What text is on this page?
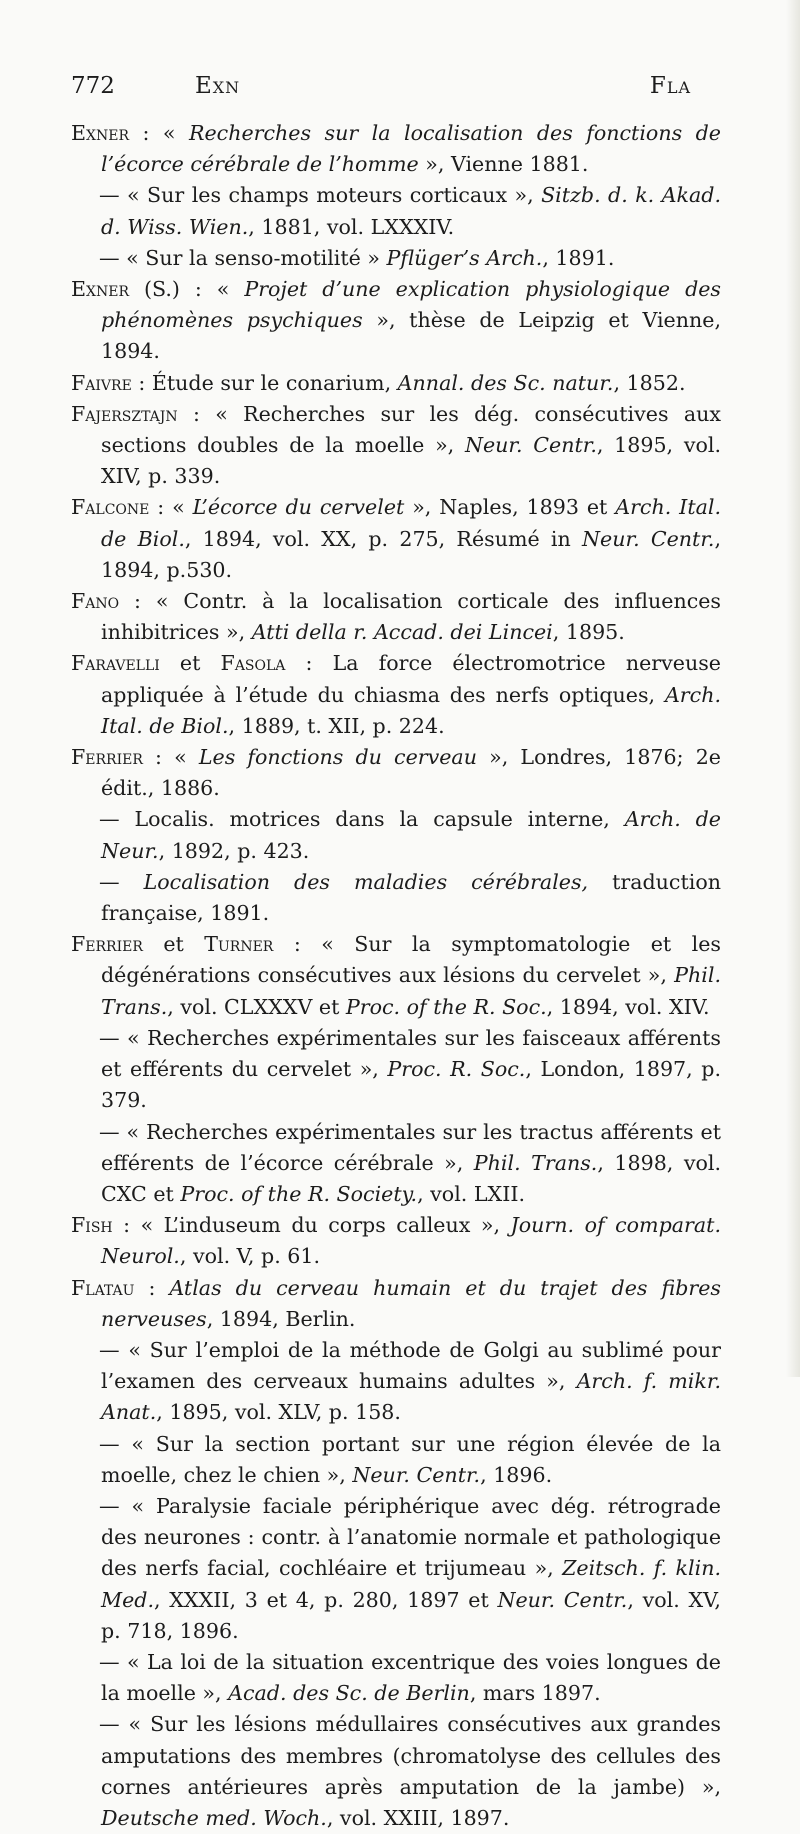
772	Exn	Fla
Exner : « Recherches sur la localisation des fonctions de l’écorce cérébrale de l’homme », Vienne 1881.
— « Sur les champs moteurs corticaux », Sitzb. d. k. Akad. d. Wiss. Wien., 1881, vol. LXXXIV.
— « Sur la senso-motilité » Pflüger’s Arch., 1891.
Exner (S.) : « Projet d’une explication physiologique des phénomènes psychiques », thèse de Leipzig et Vienne, 1894.
Faivre : Étude sur le conarium, Annal. des Sc. natur., 1852.
Fajersztajn : « Recherches sur les dég. consécutives aux sections doubles de la moelle », Neur. Centr., 1895, vol. XIV, p. 339.
Falcone : « L’écorce du cervelet », Naples, 1893 et Arch. Ital. de Biol., 1894, vol. XX, p. 275, Résumé in Neur. Centr., 1894, p.530.
Fano : « Contr. à la localisation corticale des influences inhibitrices », Atti della r. Accad. dei Lincei, 1895.
Faravelli et Fasola : La force électromotrice nerveuse appliquée à l’étude du chiasma des nerfs optiques, Arch. Ital. de Biol., 1889, t. XII, p. 224.
Ferrier : « Les fonctions du cerveau », Londres, 1876; 2e édit., 1886.
— Localis. motrices dans la capsule interne, Arch. de Neur., 1892, p. 423.
— Localisation des maladies cérébrales, traduction française, 1891.
Ferrier et Turner : « Sur la symptomatologie et les dégénérations consécutives aux lésions du cervelet », Phil. Trans., vol. CLXXXV et Proc. of the R. Soc., 1894, vol. XIV.
— « Recherches expérimentales sur les faisceaux afférents et efférents du cervelet », Proc. R. Soc., London, 1897, p. 379.
— « Recherches expérimentales sur les tractus afférents et efférents de l’écorce cérébrale », Phil. Trans., 1898, vol. CXC et Proc. of the R. Society., vol. LXII.
Fish : « L’induseum du corps calleux », Journ. of comparat. Neurol., vol. V, p. 61.
Flatau : Atlas du cerveau humain et du trajet des fibres nerveuses, 1894, Berlin.
— « Sur l’emploi de la méthode de Golgi au sublimé pour l’examen des cerveaux humains adultes », Arch. f. mikr. Anat., 1895, vol. XLV, p. 158.
— « Sur la section portant sur une région élevée de la moelle, chez le chien », Neur. Centr., 1896.
— « Paralysie faciale périphérique avec dég. rétrograde des neurones : contr. à l’anatomie normale et pathologique des nerfs facial, cochléaire et trijumeau », Zeitsch. f. klin. Med., XXXII, 3 et 4, p. 280, 1897 et Neur. Centr., vol. XV, p. 718, 1896.
— « La loi de la situation excentrique des voies longues de la moelle », Acad. des Sc. de Berlin, mars 1897.
— « Sur les lésions médullaires consécutives aux grandes amputations des membres (chromatolyse des cellules des cornes antérieures après amputation de la jambe) », Deutsche med. Woch., vol. XXIII, 1897.
